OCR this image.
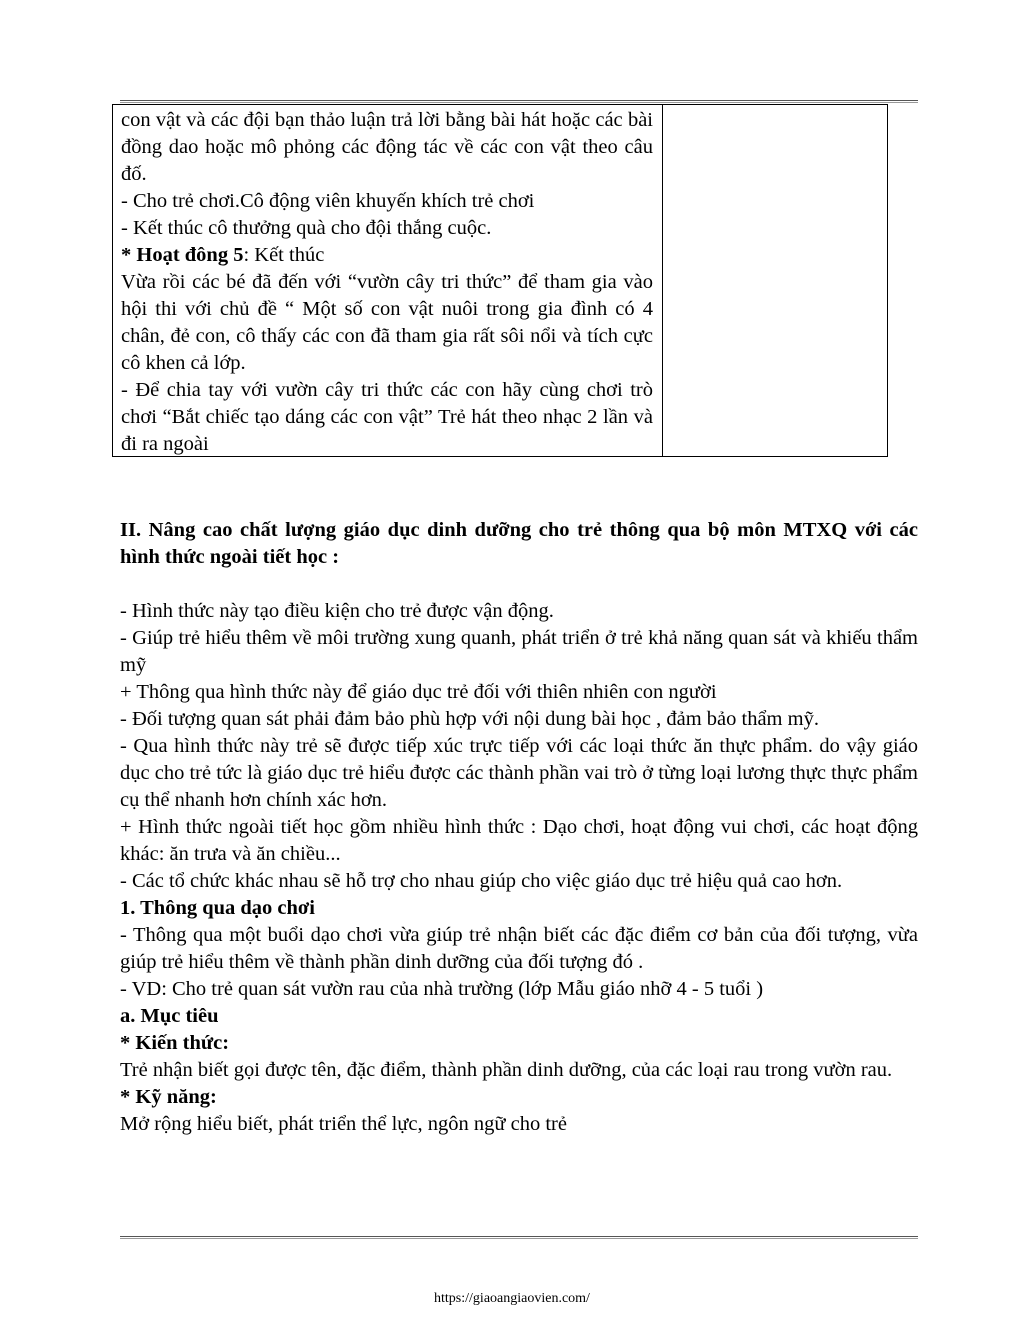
con vật và các đội bạn thảo luận trả lời bằng bài hát hoặc các bài đồng dao hoặc mô phỏng các động tác về các con vật theo câu đố.
- Cho trẻ chơi.Cô động viên khuyến khích trẻ chơi
- Kết thúc cô thưởng quà cho đội thắng cuộc.
* Hoạt đông 5: Kết thúc
Vừa rồi các bé đã đến với “vườn cây tri thức” để tham gia vào hội thi với chủ đề “ Một số con vật nuôi trong gia đình có 4 chân, đẻ con, cô thấy các con đã tham gia rất sôi nổi và tích cực cô khen cả lớp.
- Để chia tay với vườn cây tri thức các con hãy cùng chơi trò chơi “Bắt chiếc tạo dáng các con vật” Trẻ hát theo nhạc 2 lần và đi ra ngoài
II. Nâng cao chất lượng giáo dục dinh dưỡng cho trẻ thông qua bộ môn MTXQ với các hình thức ngoài tiết học :
- Hình thức này tạo điều kiện cho trẻ được vận động.
- Giúp trẻ hiểu thêm về môi trường xung quanh, phát triển ở trẻ khả năng quan sát và khiếu thẩm mỹ
+ Thông qua hình thức này để giáo dục trẻ đối với thiên nhiên con người
- Đối tượng quan sát phải đảm bảo phù hợp với nội dung bài học , đảm bảo thẩm mỹ.
- Qua hình thức này trẻ sẽ được tiếp xúc trực tiếp với các loại thức ăn thực phẩm. do vậy giáo dục cho trẻ tức là giáo dục trẻ hiểu được các thành phần vai trò ở từng loại lương thực thực phẩm cụ thể nhanh hơn chính xác hơn.
+ Hình thức ngoài tiết học gồm nhiều hình thức : Dạo chơi, hoạt động vui chơi, các hoạt động khác: ăn trưa và ăn chiều...
- Các tổ chức khác nhau sẽ hỗ trợ cho nhau giúp cho việc giáo dục trẻ hiệu quả cao hơn.
1. Thông qua dạo chơi
- Thông qua một buổi dạo chơi vừa giúp trẻ nhận biết các đặc điểm cơ bản của đối tượng, vừa giúp trẻ hiểu thêm về thành phần dinh dưỡng của đối tượng đó .
- VD: Cho trẻ quan sát vườn rau của nhà trường (lớp Mẫu giáo nhỡ 4 - 5 tuổi )
a. Mục tiêu
* Kiến thức:
Trẻ nhận biết gọi được tên, đặc điểm, thành phần dinh dưỡng, của các loại rau trong vườn rau.
* Kỹ năng:
Mở rộng hiểu biết, phát triển thể lực, ngôn ngữ cho trẻ
https://giaoangiaovien.com/
